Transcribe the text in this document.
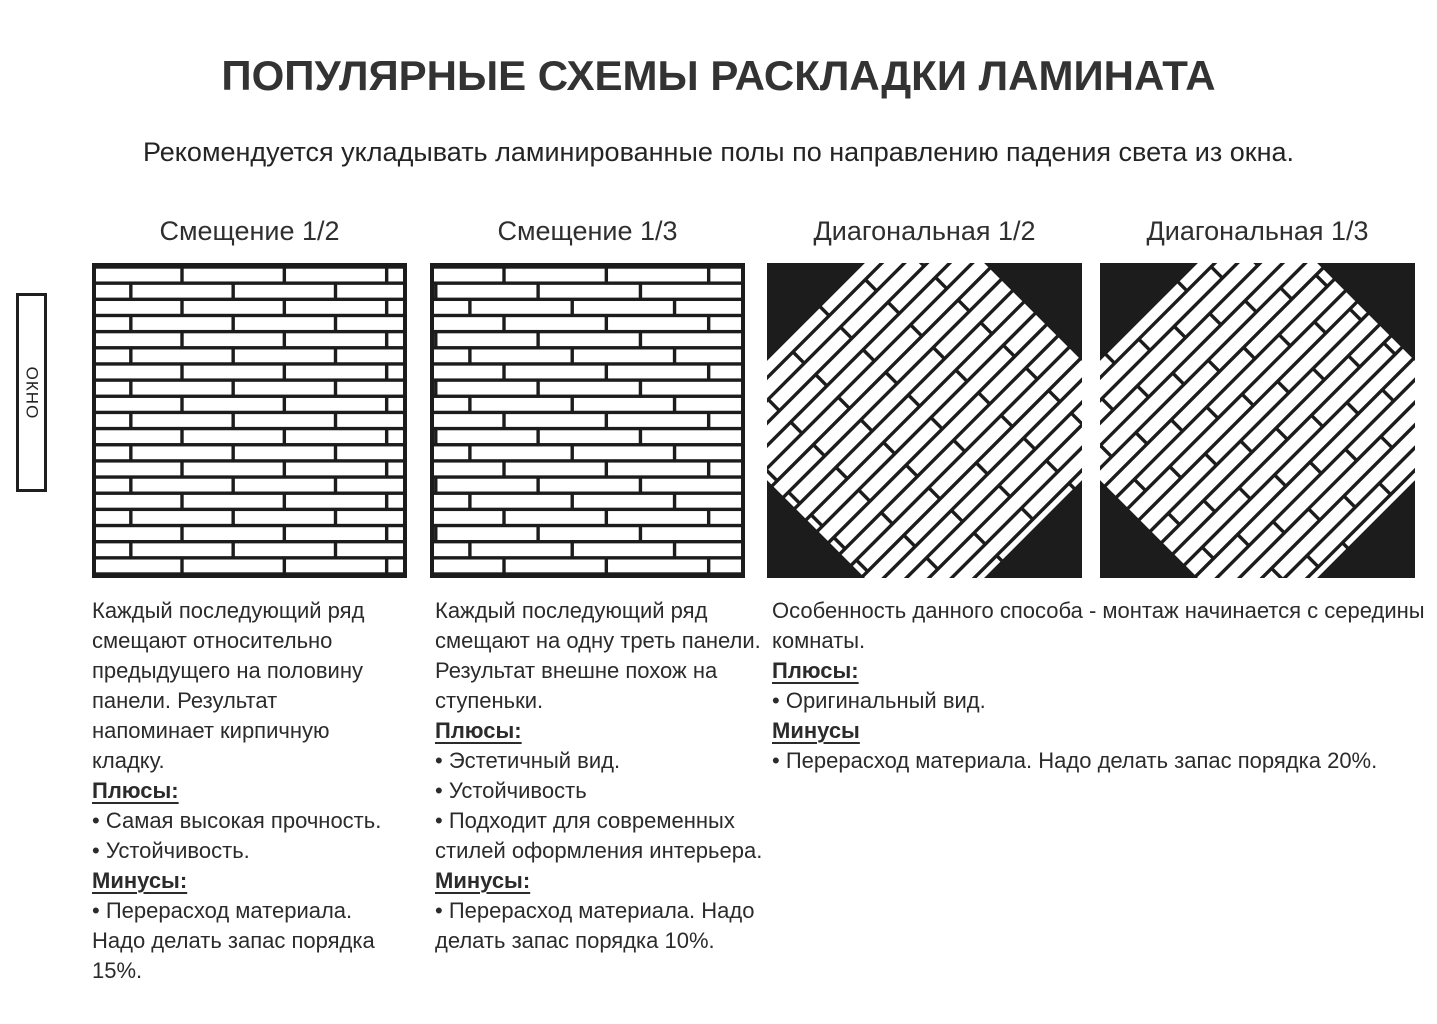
ПОПУЛЯРНЫЕ СХЕМЫ РАСКЛАДКИ ЛАМИНАТА
Рекомендуется укладывать ламинированные полы по направлению падения света из окна.
ОКНО
Смещение 1/2	Смещение 1/3	Диагональная 1/2	Диагональная 1/3

Каждый последующий ряд смещают относительно предыдущего на половину панели. Результат напоминает кирпичную кладку.

Плюсы:

• Самая высокая прочность.

• Устойчивость.

Минусы:

• Перерасход материала. Надо делать запас порядка 15%.

Каждый последующий ряд смещают на одну треть панели. Результат внешне похож на ступеньки.

Плюсы:

• Эстетичный вид.

• Устойчивость

• Подходит для современных стилей оформления интерьера.

Минусы:

• Перерасход материала. Надо делать запас порядка 10%.

Особенность данного способа - монтаж начинается с середины комнаты.

Плюсы:

• Оригинальный вид.

Минусы

• Перерасход материала. Надо делать запас порядка 20%.
